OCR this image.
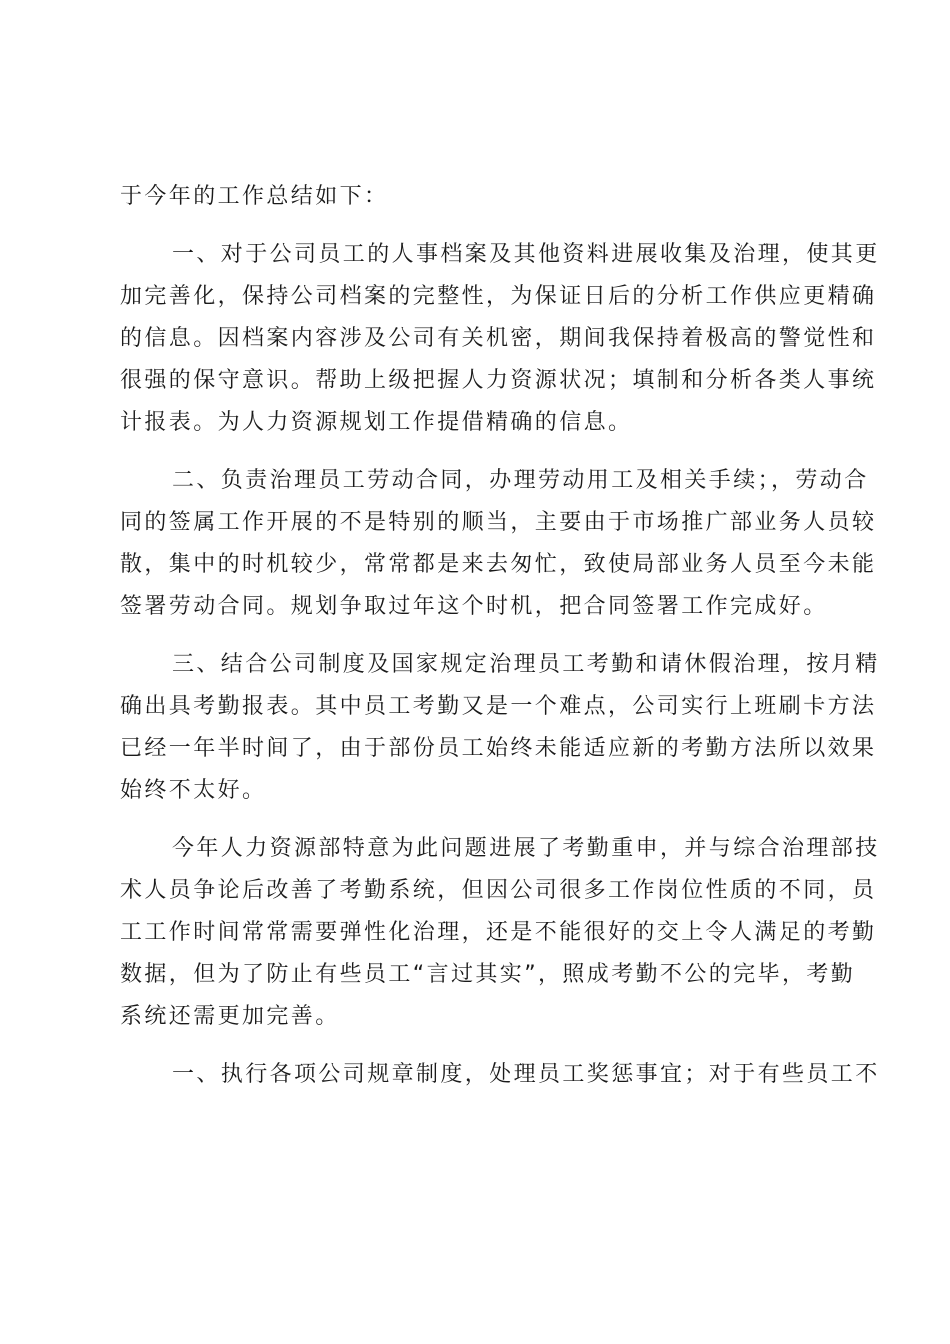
于今年的工作总结如下：
一、对于公司员工的人事档案及其他资料进展收集及治理，使其更
加完善化，保持公司档案的完整性，为保证日后的分析工作供应更精确
的信息。因档案内容涉及公司有关机密，期间我保持着极高的警觉性和
很强的保守意识。帮助上级把握人力资源状况；填制和分析各类人事统
计报表。为人力资源规划工作提借精确的信息。
二、负责治理员工劳动合同，办理劳动用工及相关手续；，劳动合
同的签属工作开展的不是特别的顺当，主要由于市场推广部业务人员较
散，集中的时机较少，常常都是来去匆忙，致使局部业务人员至今未能
签署劳动合同。规划争取过年这个时机，把合同签署工作完成好。
三、结合公司制度及国家规定治理员工考勤和请休假治理，按月精
确出具考勤报表。其中员工考勤又是一个难点，公司实行上班刷卡方法
已经一年半时间了，由于部份员工始终未能适应新的考勤方法所以效果
始终不太好。
今年人力资源部特意为此问题进展了考勤重申，并与综合治理部技
术人员争论后改善了考勤系统，但因公司很多工作岗位性质的不同，员
工工作时间常常需要弹性化治理，还是不能很好的交上令人满足的考勤
数据，但为了防止有些员工“言过其实”，照成考勤不公的完毕，考勤
系统还需更加完善。
一、执行各项公司规章制度，处理员工奖惩事宜；对于有些员工不
